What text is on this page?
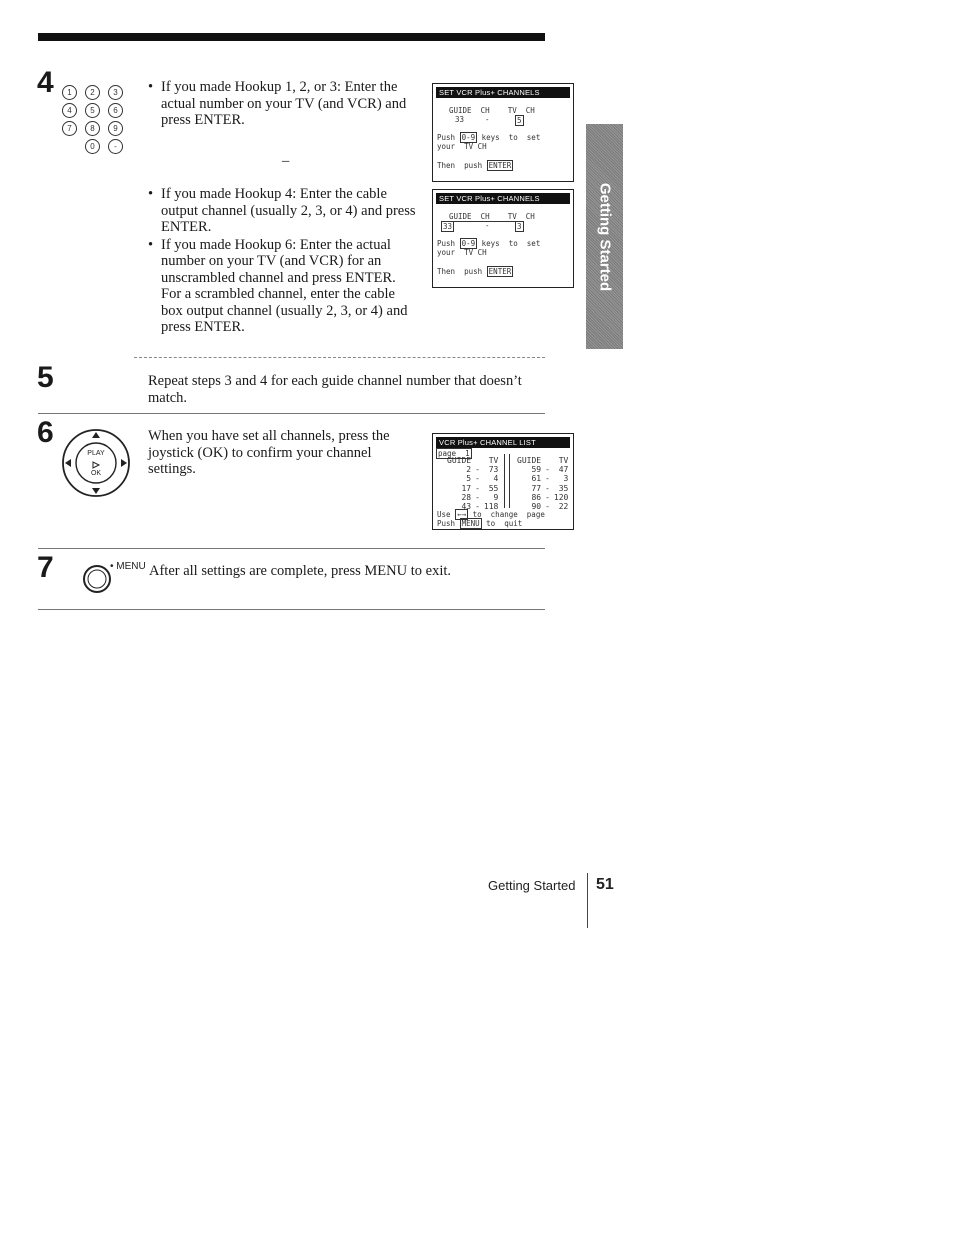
4 1 2 3
4 5 6
7 8 9
0 -
• If you made Hookup 1, 2, or 3: Enter the actual number on your TV (and VCR) and press ENTER.
–
• If you made Hookup 4: Enter the cable output channel (usually 2, 3, or 4) and press ENTER.
• If you made Hookup 6: Enter the actual number on your TV (and VCR) for an unscrambled channel and press ENTER. For a scrambled channel, enter the cable box output channel (usually 2, 3, or 4) and press ENTER.
SET VCR Plus+ CHANNELS
GUIDE  CH    TV  CH
33	-	5
Push 0-9 keys  to  set
your  TV CH
Then  push ENTER
SET VCR Plus+ CHANNELS
GUIDE  CH    TV  CH
33	-	3
Push 0-9 keys  to  set
your  TV CH
Then  push ENTER	Getting Started
5	Repeat steps 3 and 4 for each guide channel number that doesn’t match.
6
PLAY
OK
When you have set all channels, press the joystick (OK) to confirm your channel settings.
VCR Plus+ CHANNEL LIST
page  1
GUIDE		TV
2	-	73
5	-	4
17	-	55
28	-	9
43	-	118
GUIDE		TV
59	-	47
61	-	3
77	-	35
86	-	120
90	-	22
Use ←→ to  change  page
Push MENU to  quit
7	• MENU After all settings are complete, press MENU to exit.
Getting Started 51
